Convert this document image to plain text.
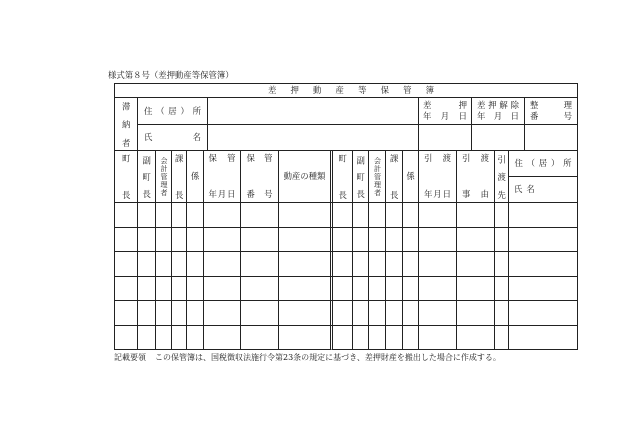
様式第８号（差押動産等保管簿）
差押動産等保管簿
滞納者 住（居）所
差押
年月日
差押解除
年月日
整理
番号
氏名
町長 副町長 会計管理者 課長 係
保管
年月日
保管
番号
動産の種類 町長 副町長 会計管理者 課長 係
引渡
年月日
引渡
事由 引渡先 住（居）所
氏名
記載要領 この保管簿は、国税徴収法施行令第23条の規定に基づき、差押財産を搬出した場合に作成する。
